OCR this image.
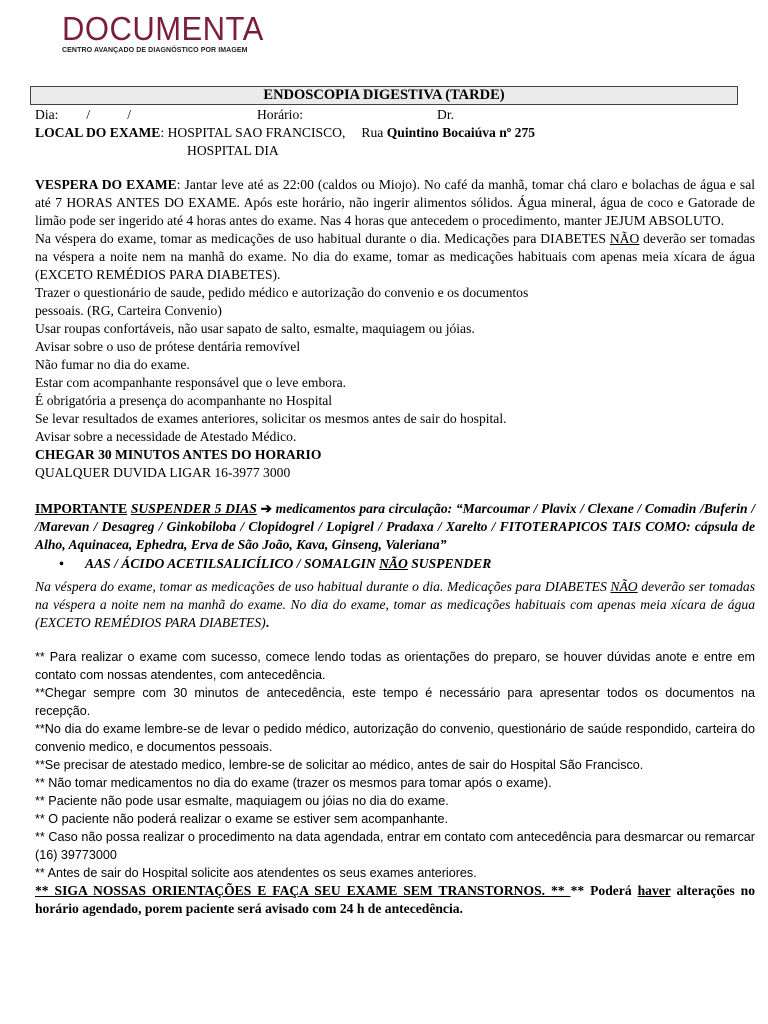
DOCUMENTA
CENTRO AVANÇADO DE DIAGNÓSTICO POR IMAGEM
ENDOSCOPIA DIGESTIVA (TARDE)
Dia: /	/	Horário:	Dr.
LOCAL DO EXAME: HOSPITAL SAO FRANCISCO, Rua Quintino Bocaiúva nº 275
HOSPITAL DIA
VESPERA DO EXAME: Jantar leve até as 22:00 (caldos ou Miojo). No café da manhã, tomar chá claro e bolachas de água e sal até 7 HORAS ANTES DO EXAME. Após este horário, não ingerir alimentos sólidos. Água mineral, água de coco e Gatorade de limão pode ser ingerido até 4 horas antes do exame. Nas 4 horas que antecedem o procedimento, manter JEJUM ABSOLUTO.
Na véspera do exame, tomar as medicações de uso habitual durante o dia. Medicações para DIABETES NÃO deverão ser tomadas na véspera a noite nem na manhã do exame. No dia do exame, tomar as medicações habituais com apenas meia xícara de água (EXCETO REMÉDIOS PARA DIABETES).
Trazer o questionário de saude, pedido médico e autorização do convenio e os documentos
pessoais. (RG, Carteira Convenio)
Usar roupas confortáveis, não usar sapato de salto, esmalte, maquiagem ou jóias.
Avisar sobre o uso de prótese dentária removível
Não fumar no dia do exame.
Estar com acompanhante responsável que o leve embora.
É obrigatória a presença do acompanhante no Hospital
Se levar resultados de exames anteriores, solicitar os mesmos antes de sair do hospital.
Avisar sobre a necessidade de Atestado Médico.
CHEGAR 30 MINUTOS ANTES DO HORARIO
QUALQUER DUVIDA LIGAR 16-3977 3000
IMPORTANTE SUSPENDER 5 DIAS ➔ medicamentos para circulação: “Marcoumar / Plavix / Clexane / Comadin /Buferin / /Marevan / Desagreg / Ginkobiloba / Clopidogrel / Lopigrel / Pradaxa / Xarelto / FITOTERAPICOS TAIS COMO: cápsula de Alho, Aquinacea, Ephedra, Erva de São João, Kava, Ginseng, Valeriana”
• AAS / ÁCIDO ACETILSALICÍLICO / SOMALGIN NÃO SUSPENDER
Na véspera do exame, tomar as medicações de uso habitual durante o dia. Medicações para DIABETES NÃO deverão ser tomadas na véspera a noite nem na manhã do exame. No dia do exame, tomar as medicações habituais com apenas meia xícara de água (EXCETO REMÉDIOS PARA DIABETES).
** Para realizar o exame com sucesso, comece lendo todas as orientações do preparo, se houver dúvidas anote e entre em contato com nossas atendentes, com antecedência.
**Chegar sempre com 30 minutos de antecedência, este tempo é necessário para apresentar todos os documentos na recepção.
**No dia do exame lembre-se de levar o pedido médico, autorização do convenio, questionário de saúde respondido, carteira do convenio medico, e documentos pessoais.
**Se precisar de atestado medico, lembre-se de solicitar ao médico, antes de sair do Hospital São Francisco.
** Não tomar medicamentos no dia do exame (trazer os mesmos para tomar após o exame).
** Paciente não pode usar esmalte, maquiagem ou jóias no dia do exame.
** O paciente não poderá realizar o exame se estiver sem acompanhante.
** Caso não possa realizar o procedimento na data agendada, entrar em contato com antecedência para desmarcar ou remarcar (16) 39773000
** Antes de sair do Hospital solicite aos atendentes os seus exames anteriores.
** SIGA NOSSAS ORIENTAÇÕES E FAÇA SEU EXAME SEM TRANSTORNOS. ** ** Poderá haver alterações no horário agendado, porem paciente será avisado com 24 h de antecedência.
